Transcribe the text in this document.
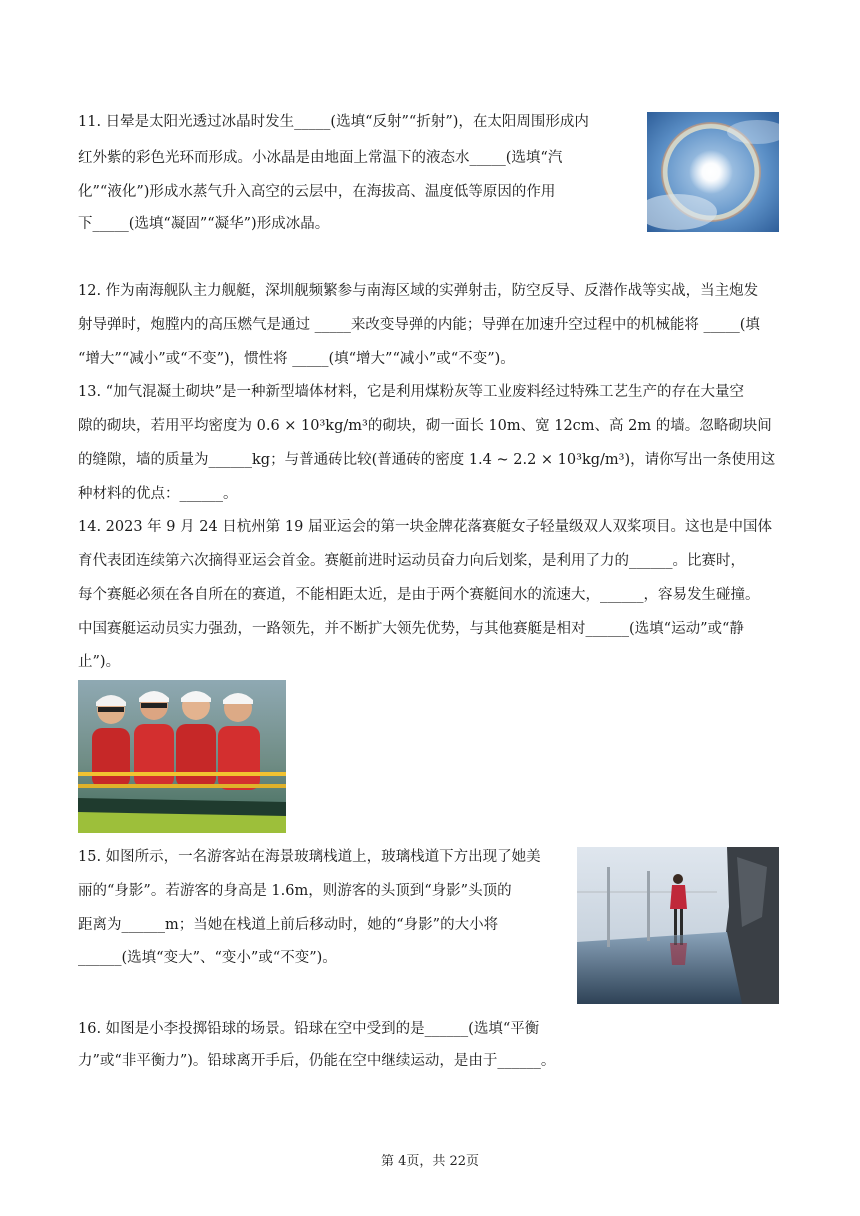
11. 日晕是太阳光透过冰晶时发生_____(选填“反射”“折射”)，在太阳周围形成内
红外紫的彩色光环而形成。小冰晶是由地面上常温下的液态水_____(选填“汽
化”“液化”)形成水蒸气升入高空的云层中，在海拔高、温度低等原因的作用
下_____(选填“凝固”“凝华”)形成冰晶。
12. 作为南海舰队主力舰艇，深圳舰频繁参与南海区域的实弹射击，防空反导、反潜作战等实战，当主炮发
射导弹时，炮膛内的高压燃气是通过 _____来改变导弹的内能；导弹在加速升空过程中的机械能将 _____(填
“增大”“减小”或“不变”)，惯性将 _____(填“增大”“减小”或“不变”)。
13. “加气混凝土砌块”是一种新型墙体材料，它是利用煤粉灰等工业废料经过特殊工艺生产的存在大量空
隙的砌块，若用平均密度为 0.6 × 10³kg/m³的砌块，砌一面长 10m、宽 12cm、高 2m 的墙。忽略砌块间
的缝隙，墙的质量为______kg；与普通砖比较(普通砖的密度 1.4 ~ 2.2 × 10³kg/m³)，请你写出一条使用这
种材料的优点：______。
14. 2023 年 9 月 24 日杭州第 19 届亚运会的第一块金牌花落赛艇女子轻量级双人双桨项目。这也是中国体
育代表团连续第六次摘得亚运会首金。赛艇前进时运动员奋力向后划桨，是利用了力的______。比赛时，
每个赛艇必须在各自所在的赛道，不能相距太近，是由于两个赛艇间水的流速大，______，容易发生碰撞。
中国赛艇运动员实力强劲，一路领先，并不断扩大领先优势，与其他赛艇是相对______(选填“运动”或“静
止”)。
15. 如图所示，一名游客站在海景玻璃栈道上，玻璃栈道下方出现了她美
丽的“身影”。若游客的身高是 1.6m，则游客的头顶到“身影”头顶的
距离为______m；当她在栈道上前后移动时，她的“身影”的大小将
______(选填“变大”、“变小”或“不变”)。
16. 如图是小李投掷铅球的场景。铅球在空中受到的是______(选填“平衡
力”或“非平衡力”)。铅球离开手后，仍能在空中继续运动，是由于______。
第 4页，共 22页
